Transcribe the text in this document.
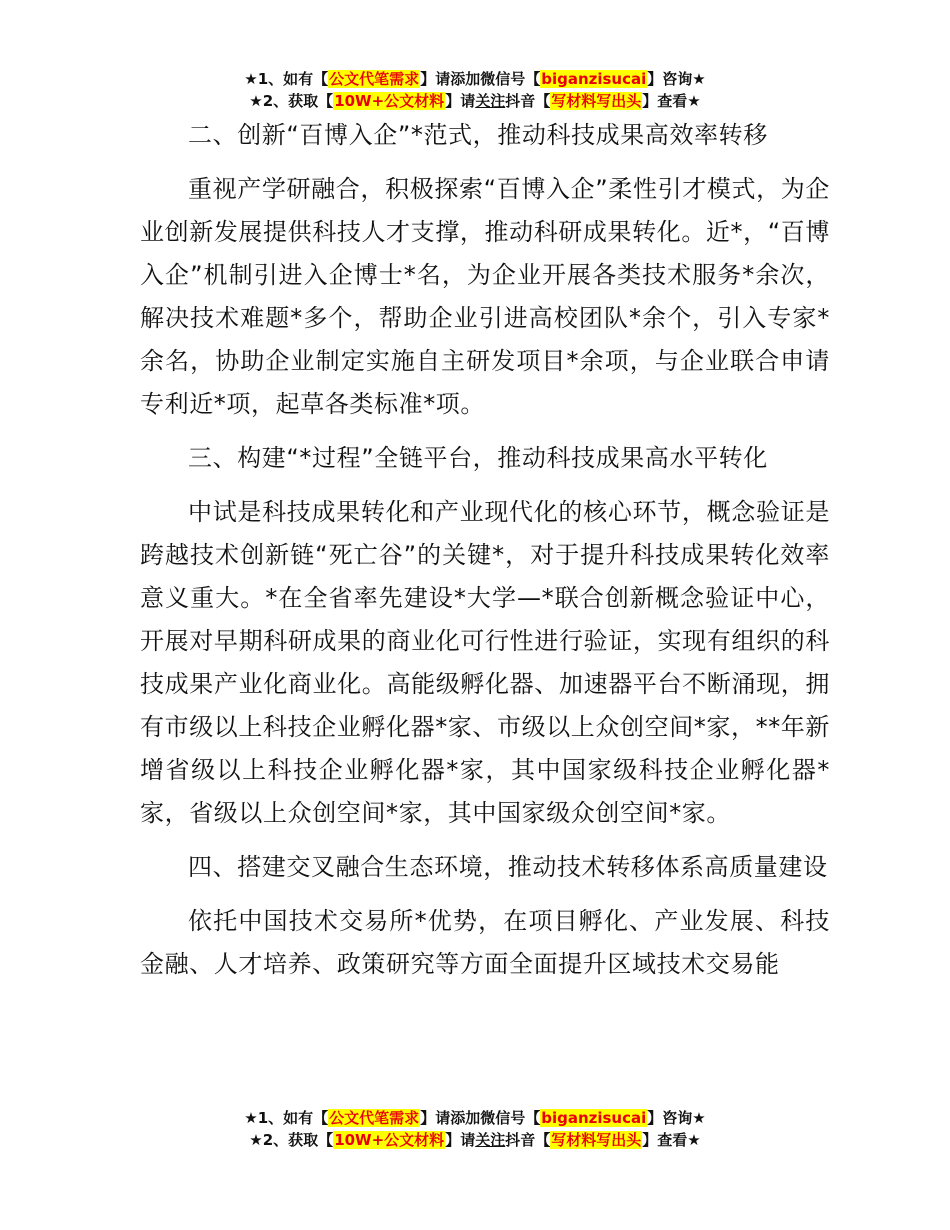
★1、如有【公文代笔需求】请添加微信号【biganzisucai】咨询★
★2、获取【10W+公文材料】请关注抖音【写材料写出头】查看★

二、创新“百博入企”*范式，推动科技成果高效率转移

重视产学研融合，积极探索“百博入企”柔性引才模式，为企业创新发展提供科技人才支撑，推动科研成果转化。近*，“百博入企”机制引进入企博士*名，为企业开展各类技术服务*余次，解决技术难题*多个，帮助企业引进高校团队*余个，引入专家*余名，协助企业制定实施自主研发项目*余项，与企业联合申请专利近*项，起草各类标准*项。

三、构建“*过程”全链平台，推动科技成果高水平转化

中试是科技成果转化和产业现代化的核心环节，概念验证是跨越技术创新链“死亡谷”的关键*，对于提升科技成果转化效率意义重大。*在全省率先建设*大学—*联合创新概念验证中心，开展对早期科研成果的商业化可行性进行验证，实现有组织的科技成果产业化商业化。高能级孵化器、加速器平台不断涌现，拥有市级以上科技企业孵化器*家、市级以上众创空间*家，**年新增省级以上科技企业孵化器*家，其中国家级科技企业孵化器*家，省级以上众创空间*家，其中国家级众创空间*家。

四、搭建交叉融合生态环境，推动技术转移体系高质量建设

依托中国技术交易所*优势，在项目孵化、产业发展、科技金融、人才培养、政策研究等方面全面提升区域技术交易能

★1、如有【公文代笔需求】请添加微信号【biganzisucai】咨询★
★2、获取【10W+公文材料】请关注抖音【写材料写出头】查看★
